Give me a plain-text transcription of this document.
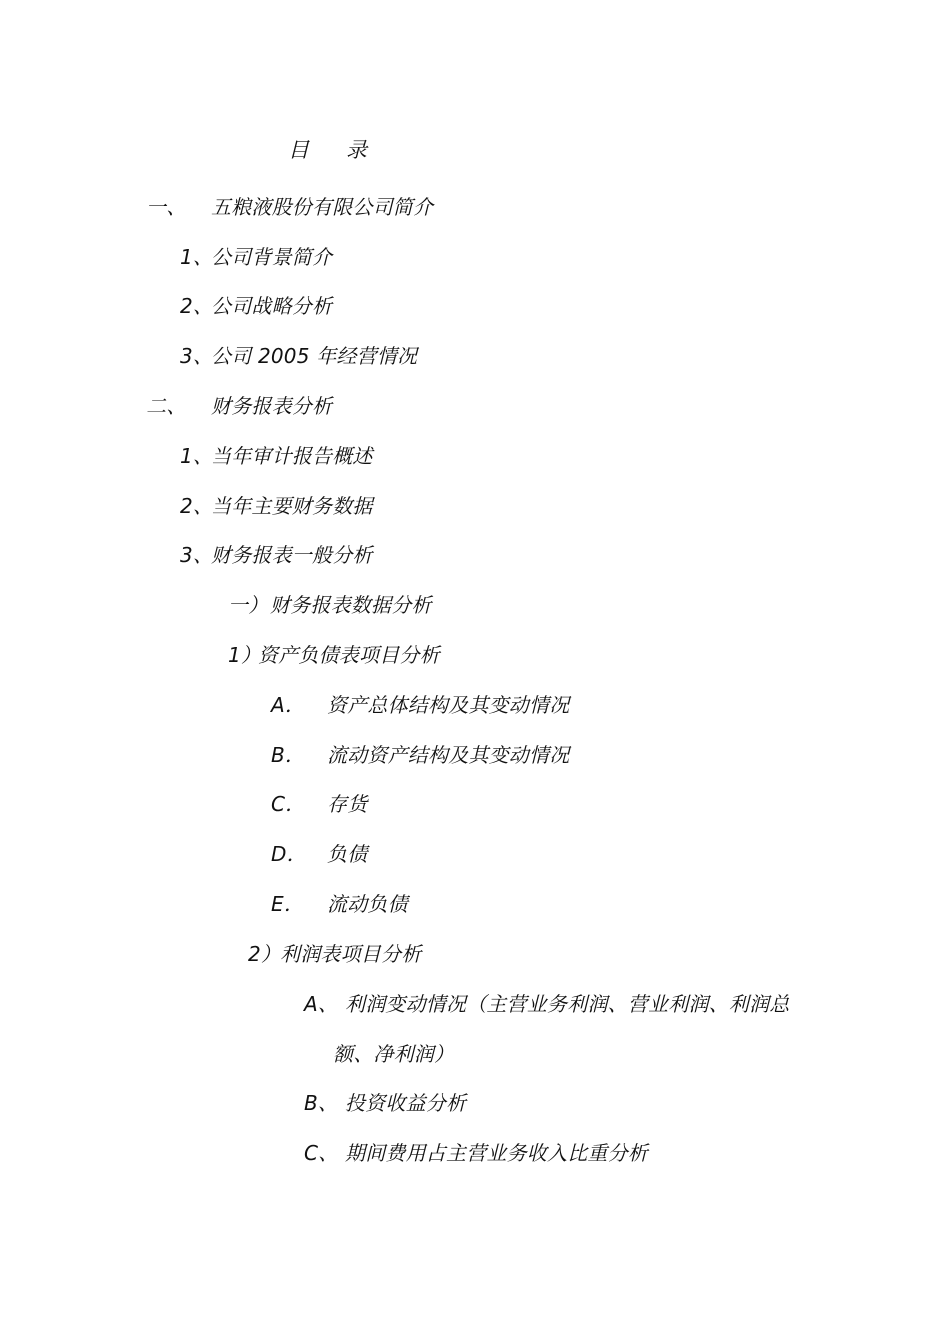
目 录
一、 五粮液股份有限公司简介
1、
公司背景简介
2、
公司战略分析
3、
公司 2005 年经营情况
二、 财务报表分析
1、
当年审计报告概述
2、
当年主要财务数据
3、
财务报表一般分析
一） 财务报表数据分析
1）
资产负债表项目分析
A． 资产总体结构及其变动情况
B． 流动资产结构及其变动情况
C． 存货
D． 负债
E． 流动负债
2）
利润表项目分析
A、 利润变动情况（主营业务利润、营业利润、利润总
额、净利润）
B、 投资收益分析
C、 期间费用占主营业务收入比重分析
